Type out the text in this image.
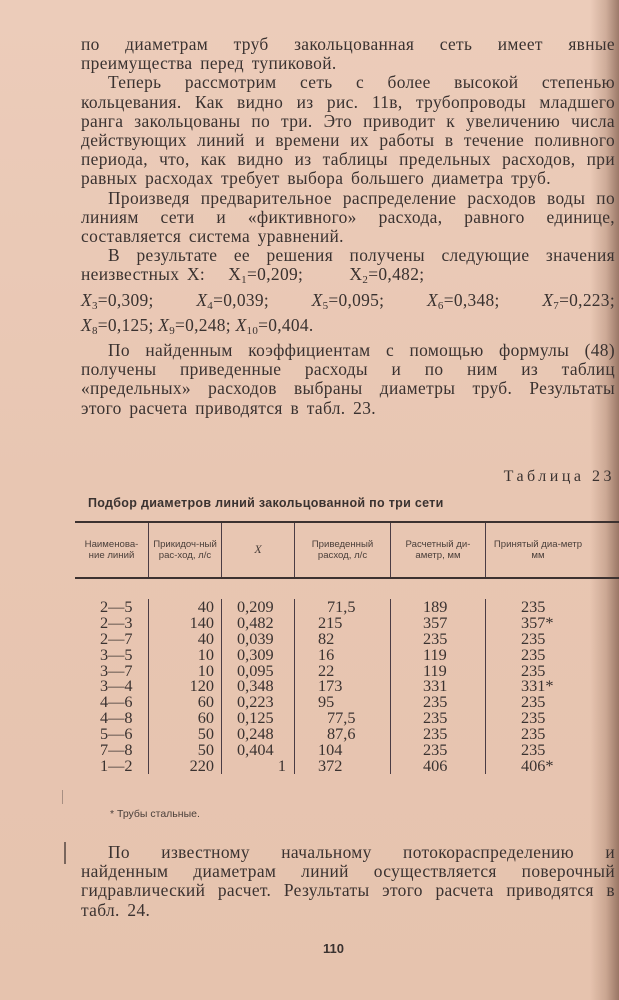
по диаметрам труб закольцованная сеть имеет явные преимущества перед тупиковой.

Теперь рассмотрим сеть с более высокой степенью кольцевания. Как видно из рис. 11в, трубопроводы младшего ранга закольцованы по три. Это приводит к увеличению числа действующих линий и времени их работы в течение поливного периода, что, как видно из таблицы предельных расходов, при равных расходах требует выбора большего диаметра труб.

Произведя предварительное распределение расходов воды по линиям сети и «фиктивного» расхода, равного единице, составляется система уравнений.

В результате ее решения получены следующие значения неизвестных X:   $X_1=0,209$;      $X_2=0,482$;

$X_3=0,309$; $X_4=0,039$; $X_5=0,095$; $X_6=0,348$; $X_7=0,223$;
$X_8=0,125$; $X_9=0,248$; $X_{10}=0,404$.

По найденным коэффициентам с помощью формулы (48) получены приведенные расходы и по ним из таблиц «предельных» расходов выбраны диаметры труб. Результаты этого расчета приводятся в табл. 23.

Таблица 23
Подбор диаметров линий закольцованной по три сети
Наименова-ние линий
Прикидоч-ный рас-ход, л/с	X	Приведенный расход, л/с
Расчетный ди-аметр, мм
Принятый диа-метр мм
2—5
2—3
2—7
3—5
3—7
3—4
4—6
4—8
5—6
7—8
1—2
40
140
40
10
10
120
60
60
50
50
220
0,209
0,482
0,039
0,309
0,095
0,348
0,223
0,125
0,248
0,404
1
71,5
215
82
16
22
173
95
77,5
87,6
104
372
189
357
235
119
119
331
235
235
235
235
406
235
357*
235
235
235
331*
235
235
235
235
406*
* Трубы стальные.

По известному начальному потокораспределению и найденным диаметрам линий осуществляется поверочный гидравлический расчет. Результаты этого расчета приводятся в табл. 24.

110
